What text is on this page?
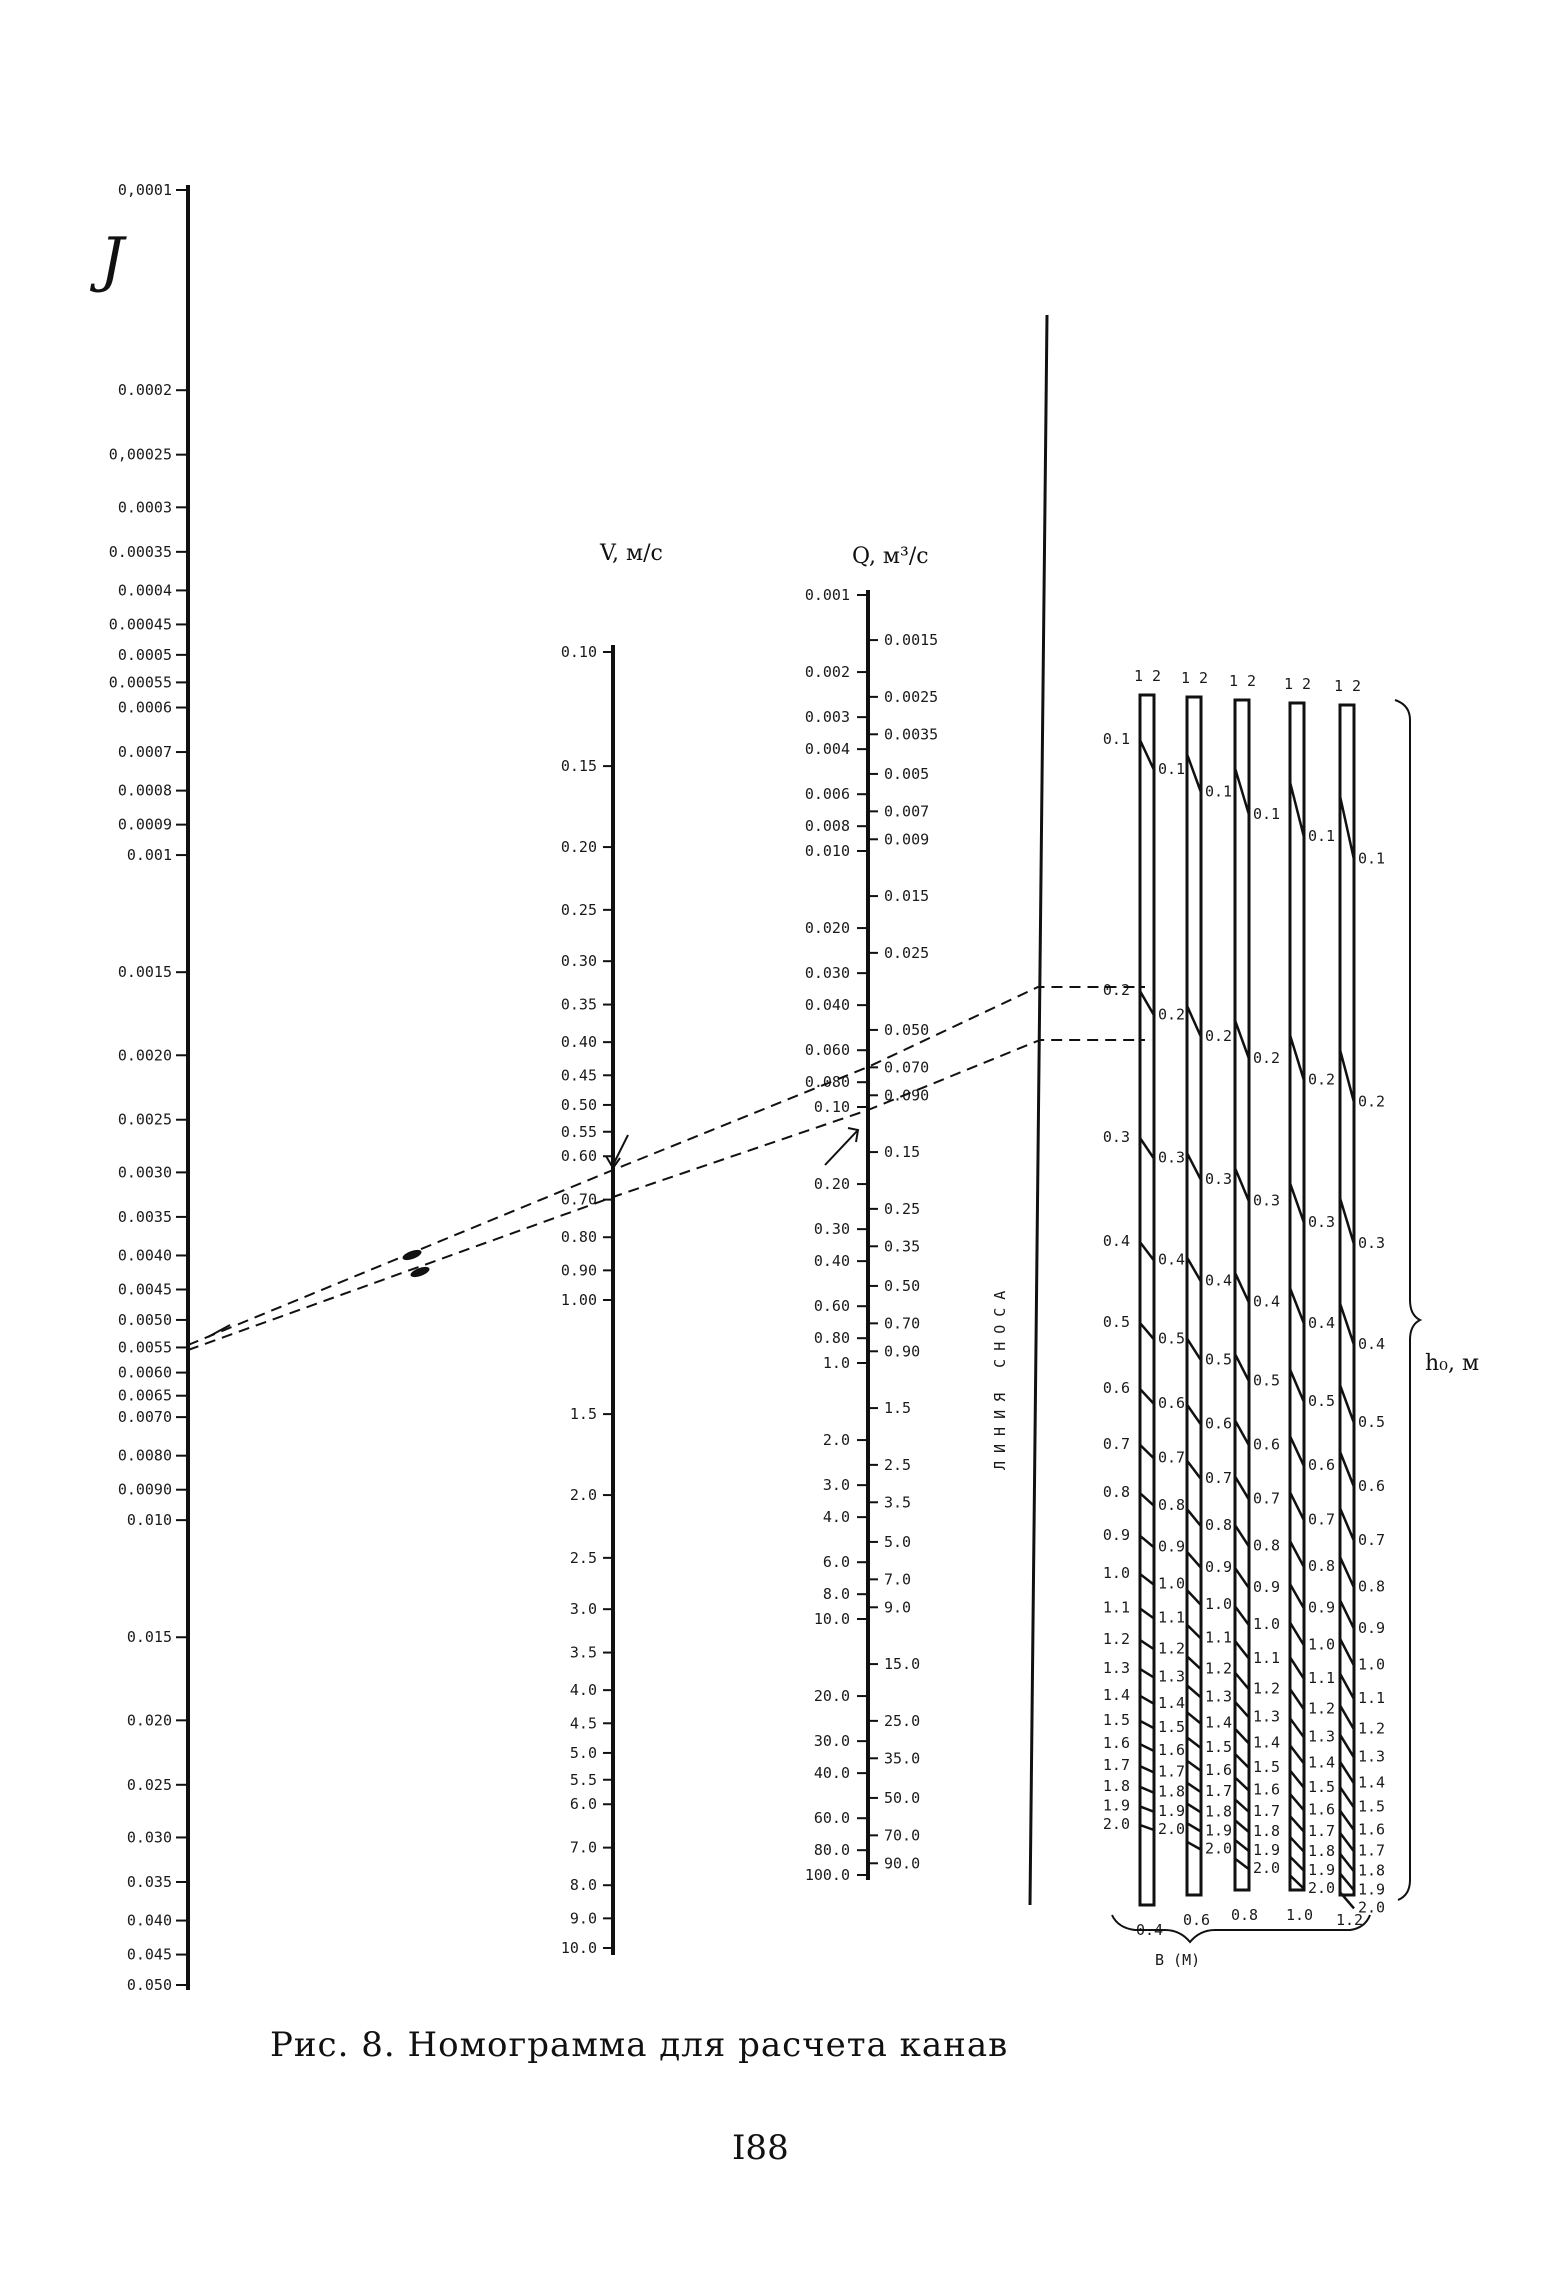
J
V, м/с	Q, м³/с
ЛИНИЯ СНОСА
0,0001
0.0002
0,00025
0.0003
0.00035
0.0004
0.00045
0.0005
0.00055
0.0006
0.0007
0.0008
0.0009
0.001
0.0015
0.0020
0.0025
0.0030
0.0035
0.0040
0.0045
0.0050
0.0055
0.0060
0.0065
0.0070
0.0080
0.0090
0.010
0.015
0.020
0.025
0.030
0.035
0.040
0.045
0.050
0.10
0.15
0.20
0.25
0.30
0.35
0.40
0.45
0.50
0.55
0.60
0.70
0.80
0.90
1.00
1.5
2.0
2.5
3.0
3.5
4.0
4.5
5.0
5.5
6.0
7.0
8.0
9.0
10.0
0.001
0.002
0.003
0.004
0.006
0.008
0.010
0.020
0.030
0.040
0.060
0.080
0.10
0.20
0.30
0.40
0.60
0.80
1.0
2.0
3.0
4.0
6.0
8.0
10.0
20.0
30.0
40.0
60.0
80.0
100.0
0.0015
0.0025
0.0035
0.005
0.007
0.009
0.015
0.025
0.050
0.070
0.090
0.15
0.25
0.35
0.50
0.70
0.90
1.5
2.5
3.5
5.0
7.0
9.0
15.0
25.0
35.0
50.0
70.0
90.0
1 2
0.4
0.1
0.1
0.2
0.2
0.3
0.3
0.4
0.4
0.5
0.5
0.6
0.6
0.7
0.7
0.8
0.8
0.9
0.9
1.0
1.0
1.1
1.1
1.2
1.2
1.3 1.3
1.4 1.4
1.5 1.5
1.6 1.6
1.7 1.7
1.8 1.8
1.9 1.9
2.0 2.0
1 2
0.6
0.1
0.2
0.3
0.4
0.5
0.6
0.7
0.8
0.9
1.0
1.1
1.2
1.3
1.4
1.5
1.6
1.7
1.8
1.9
2.0
1 2
0.8
0.1
0.2
0.3
0.4
0.5
0.6
0.7
0.8
0.9
1.0
1.1
1.2
1.3
1.4
1.5
1.6
1.7
1.8
1.9
2.0
1 2
1.0
0.1
0.2
0.3
0.4
0.5
0.6
0.7
0.8
0.9
1.0
1.1
1.2
1.3
1.4
1.5
1.6
1.7
1.8
1.9
2.0
1 2
1.2
0.1
0.2
0.3
0.4
0.5
0.6
0.7
0.8
0.9
1.0
1.1
1.2
1.3
1.4
1.5
1.6
1.7
1.8
1.9
2.0
h₀, м
B (M)
Рис. 8. Номограмма для расчета канав
I88
